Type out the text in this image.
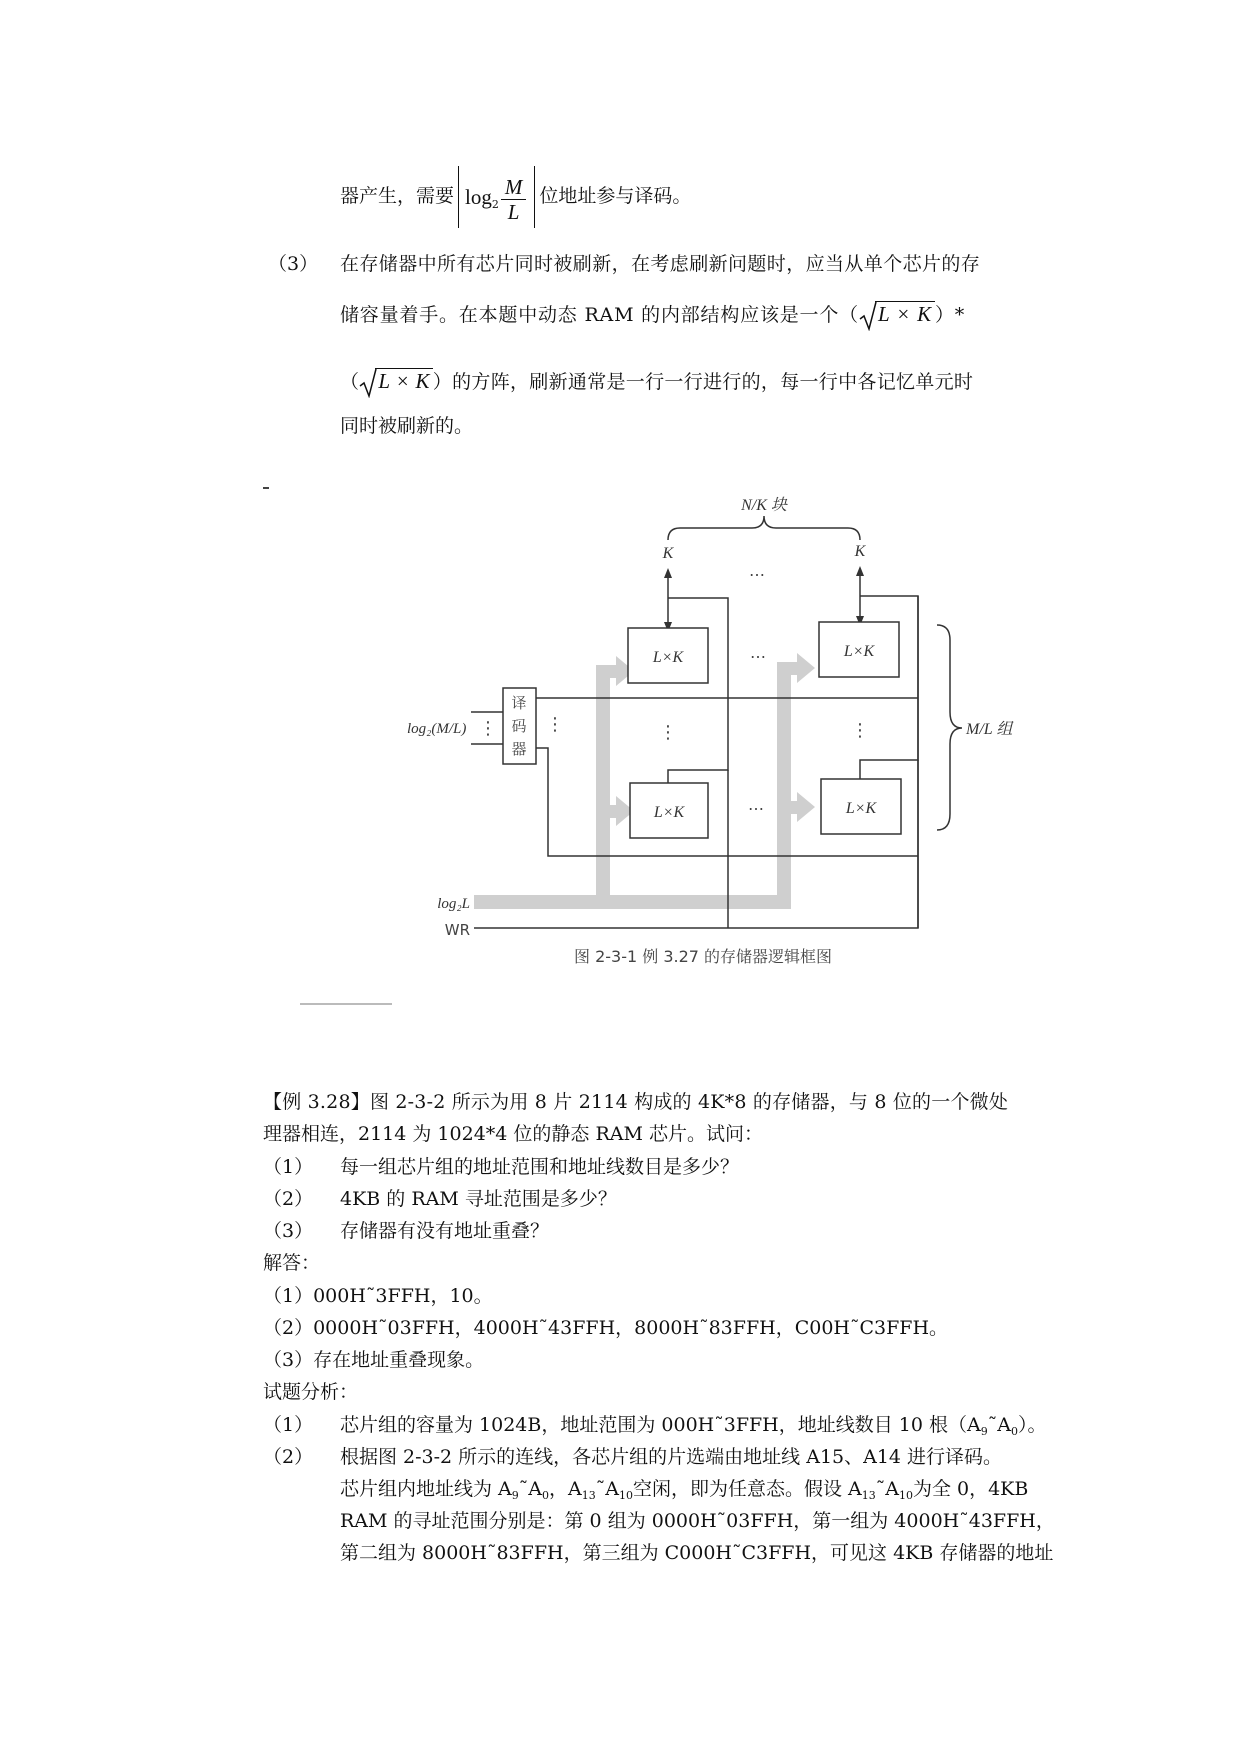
器产生，需要 $\log_2 \frac{M}{L}$ 位地址参与译码。
（3） 在存储器中所有芯片同时被刷新，在考虑刷新问题时，应当从单个芯片的存
储容量着手。在本题中动态 RAM 的内部结构应该是一个（ L × K ）*
（ L × K ）的方阵，刷新通常是一行一行进行的，每一行中各记忆单元时
同时被刷新的。
N/K 块
K	K
…
⋮	⋮	⋮	⋮
L×K	L×K
L×K	L×K
…
…
译
码
器
log₂(M/L)	M/L 组
log₂L
WR
图 2-3-1 例 3.27 的存储器逻辑框图
【例 3.28】图 2-3-2 所示为用 8 片 2114 构成的 4K*8 的存储器，与 8 位的一个微处
理器相连，2114 为 1024*4 位的静态 RAM 芯片。试问：
（1） 每一组芯片组的地址范围和地址线数目是多少？
（2） 4KB 的 RAM 寻址范围是多少？
（3） 存储器有没有地址重叠？
解答：
（1）000H˜3FFH，10。
（2）0000H˜03FFH，4000H˜43FFH，8000H˜83FFH，C00H˜C3FFH。
（3）存在地址重叠现象。
试题分析：
（1） 芯片组的容量为 1024B，地址范围为 000H˜3FFH，地址线数目 10 根$(A_9˜A_0)$。
（2） 根据图 2-3-2 所示的连线，各芯片组的片选端由地址线 A15、A14 进行译码。
芯片组内地址线为 $A_9˜A_0$，$A_{13}˜A_{10}$空闲，即为任意态。假设 $A_{13}˜A_{10}$为全 0，4KB
RAM 的寻址范围分别是：第 0 组为 0000H˜03FFH，第一组为 4000H˜43FFH，
第二组为 8000H˜83FFH，第三组为 C000H˜C3FFH，可见这 4KB 存储器的地址
